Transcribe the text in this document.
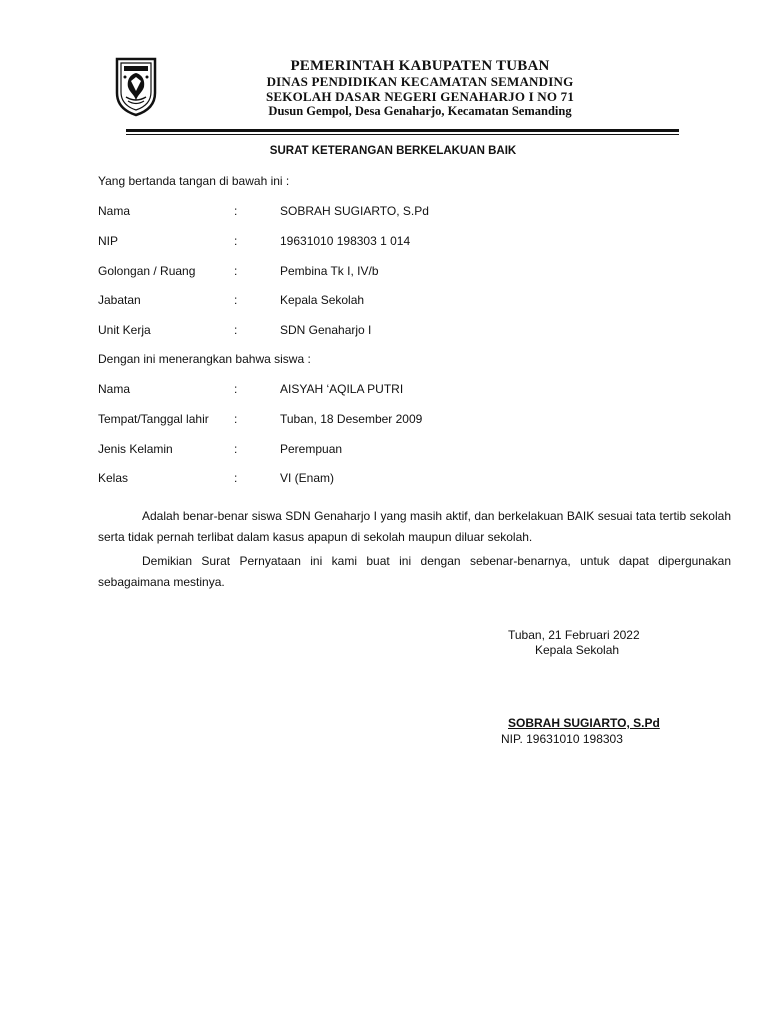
PEMERINTAH KABUPATEN TUBAN
DINAS PENDIDIKAN KECAMATAN SEMANDING
SEKOLAH DASAR NEGERI GENAHARJO I NO 71
Dusun Gempol, Desa Genaharjo, Kecamatan Semanding
SURAT KETERANGAN BERKELAKUAN BAIK
Yang bertanda tangan di bawah ini :
Nama	:	SOBRAH SUGIARTO, S.Pd
NIP	:	19631010 198303 1 014
Golongan / Ruang	:	Pembina Tk I, IV/b
Jabatan	:	Kepala Sekolah
Unit Kerja	:	SDN Genaharjo I
Dengan ini menerangkan bahwa siswa :
Nama	:	AISYAH ‘AQILA PUTRI
Tempat/Tanggal lahir :	Tuban, 18 Desember 2009
Jenis Kelamin	:	Perempuan
Kelas	:	VI (Enam)
Adalah benar-benar siswa SDN Genaharjo I yang masih aktif, dan berkelakuan BAIK sesuai tata tertib sekolah serta tidak pernah terlibat dalam kasus apapun di sekolah maupun diluar sekolah.
Demikian Surat Pernyataan ini kami buat ini dengan sebenar-benarnya, untuk dapat dipergunakan sebagaimana mestinya.
Tuban, 21 Februari 2022
Kepala Sekolah
SOBRAH SUGIARTO, S.Pd
NIP. 19631010 198303
